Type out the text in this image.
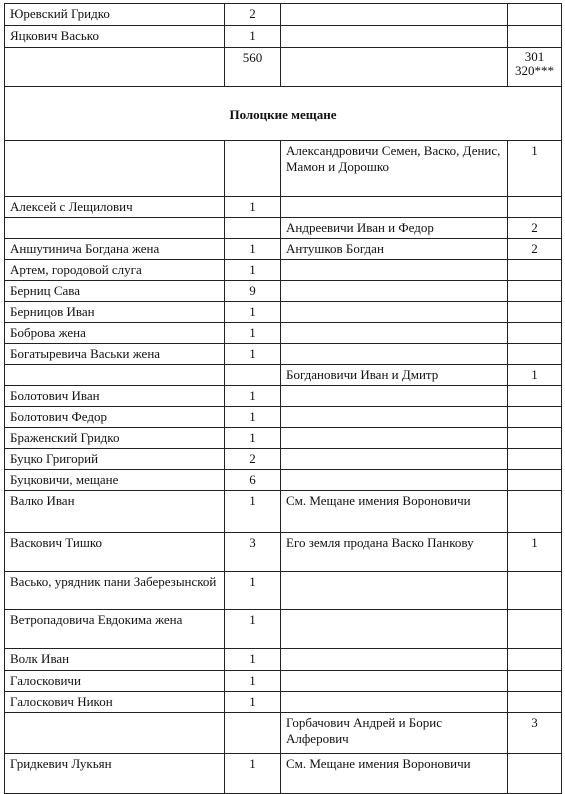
Юревский Гридко	2		
Яцкович Васько	1		
	560		301
320***

Полоцкие мещане			
		Александровичи Семен, Васко, Денис, Мамон и Дорошко	1
Алексей с Лещилович	1		
		Андреевичи Иван и Федор	2
Аншутинича Богдана жена	1	Антушков Богдан	2
Артем, городовой слуга	1		
Берниц Сава	9		
Берницов Иван	1		
Боброва жена	1		
Богатыревича Васьки жена	1		
		Богдановичи Иван и Дмитр	1
Болотович Иван	1		
Болотович Федор	1		
Браженский Гридко	1		
Буцко Григорий	2		
Буцковичи, мещане	6		
Валко Иван	1	См. Мещане имения Вороновичи	
Васкович Тишко	3	Его земля продана Васко Панкову	1
Васько, урядник пани Заберезынской	1		
Ветропадовича Евдокима жена	1		
Волк Иван	1		
Галосковичи	1		
Галоскович Никон	1		
		Горбачович Андрей и Борис Алферович	3
Гридкевич Лукьян	1	См. Мещане имения Вороновичи	
